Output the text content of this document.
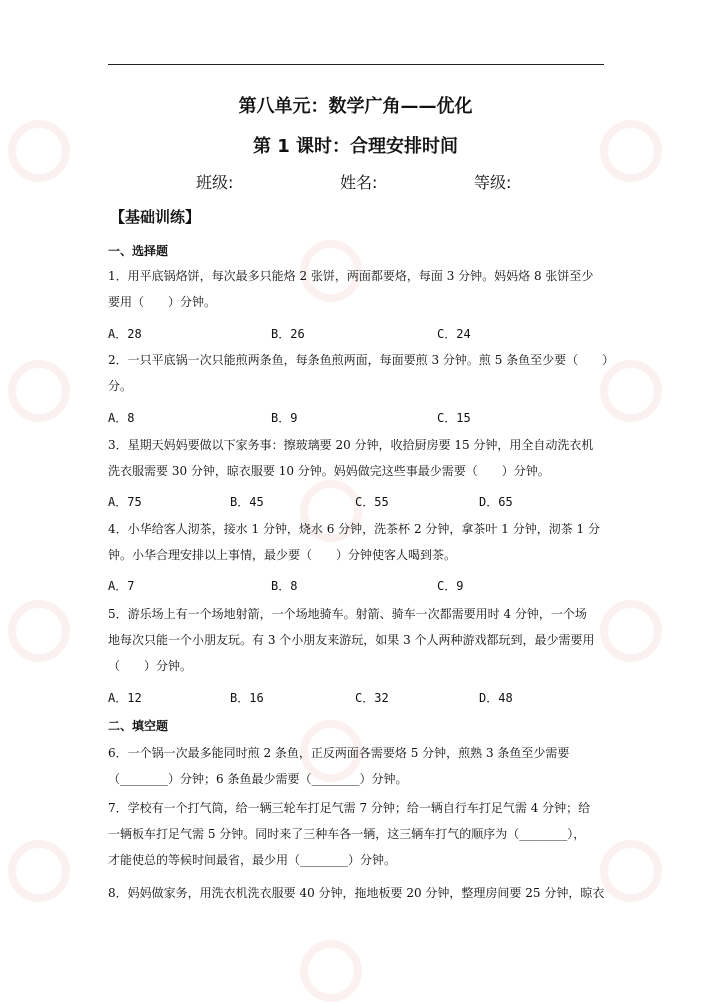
第八单元：数学广角——优化
第 1 课时：合理安排时间
班级:	姓名:	等级:
【基础训练】
一、选择题
1．用平底锅烙饼，每次最多只能烙 2 张饼，两面都要烙，每面 3 分钟。妈妈烙 8 张饼至少
要用（　　）分钟。
A．28	B．26	C．24
2．一只平底锅一次只能煎两条鱼，每条鱼煎两面，每面要煎 3 分钟。煎 5 条鱼至少要（　　）
分。
A．8	B．9	C．15
3．星期天妈妈要做以下家务事：擦玻璃要 20 分钟，收拾厨房要 15 分钟，用全自动洗衣机
洗衣服需要 30 分钟，晾衣服要 10 分钟。妈妈做完这些事最少需要（　　）分钟。
A．75	B．45	C．55	D．65
4．小华给客人沏茶，接水 1 分钟，烧水 6 分钟，洗茶杯 2 分钟，拿茶叶 1 分钟，沏茶 1 分
钟。小华合理安排以上事情，最少要（　　）分钟使客人喝到茶。
A．7	B．8	C．9
5．游乐场上有一个场地射箭，一个场地骑车。射箭、骑车一次都需要用时 4 分钟，一个场
地每次只能一个小朋友玩。有 3 个小朋友来游玩，如果 3 个人两种游戏都玩到，最少需要用
（　　）分钟。
A．12	B．16	C．32	D．48
二、填空题
6．一个锅一次最多能同时煎 2 条鱼，正反两面各需要烙 5 分钟，煎熟 3 条鱼至少需要
（________）分钟；6 条鱼最少需要（________）分钟。
7．学校有一个打气筒，给一辆三轮车打足气需 7 分钟；给一辆自行车打足气需 4 分钟；给
一辆板车打足气需 5 分钟。同时来了三种车各一辆，这三辆车打气的顺序为（________），
才能使总的等候时间最省，最少用（________）分钟。
8．妈妈做家务，用洗衣机洗衣服要 40 分钟，拖地板要 20 分钟，整理房间要 25 分钟，晾衣
